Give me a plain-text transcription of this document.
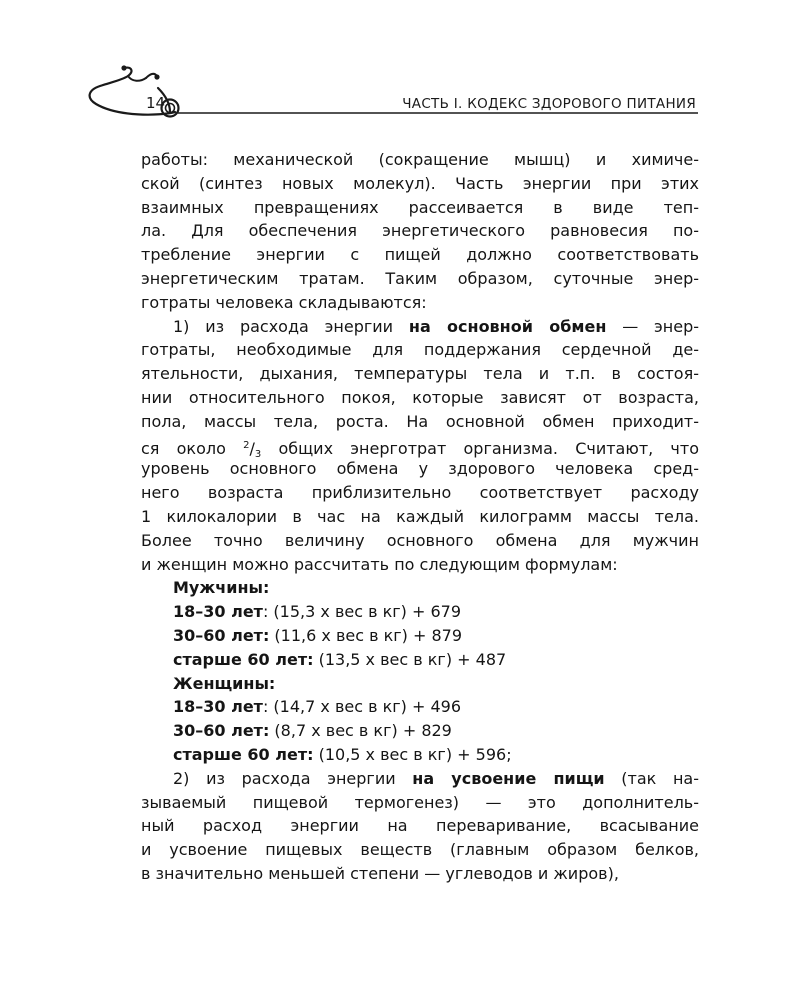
14	ЧАСТЬ I. КОДЕКС ЗДОРОВОГО ПИТАНИЯ
работы: механической (сокращение мышц) и химиче-
ской (синтез новых молекул). Часть энергии при этих
взаимных превращениях рассеивается в виде теп-
ла. Для обеспечения энергетического равновесия по-
требление энергии с пищей должно соответствовать
энергетическим тратам. Таким образом, суточные энер-
готраты человека складываются:
1) из расхода энергии на основной обмен — энер-
готраты, необходимые для поддержания сердечной де-
ятельности, дыхания, температуры тела и т.п. в состоя-
нии относительного покоя, которые зависят от возраста,
пола, массы тела, роста. На основной обмен приходит-
ся около $^2/_3$ общих энерготрат организма. Считают, что
уровень основного обмена у здорового человека сред-
него возраста приблизительно соответствует расходу
1 килокалории в час на каждый килограмм массы тела.
Более точно величину основного обмена для мужчин
и женщин можно рассчитать по следующим формулам:
Мужчины:
18–30 лет: (15,3 х вес в кг) + 679
30–60 лет: (11,6 х вес в кг) + 879
старше 60 лет: (13,5 х вес в кг) + 487
Женщины:
18–30 лет: (14,7 х вес в кг) + 496
30–60 лет: (8,7 х вес в кг) + 829
старше 60 лет: (10,5 х вес в кг) + 596;
2) из расхода энергии на усвоение пищи (так на-
зываемый пищевой термогенез) — это дополнитель-
ный расход энергии на переваривание, всасывание
и усвоение пищевых веществ (главным образом белков,
в значительно меньшей степени — углеводов и жиров),
